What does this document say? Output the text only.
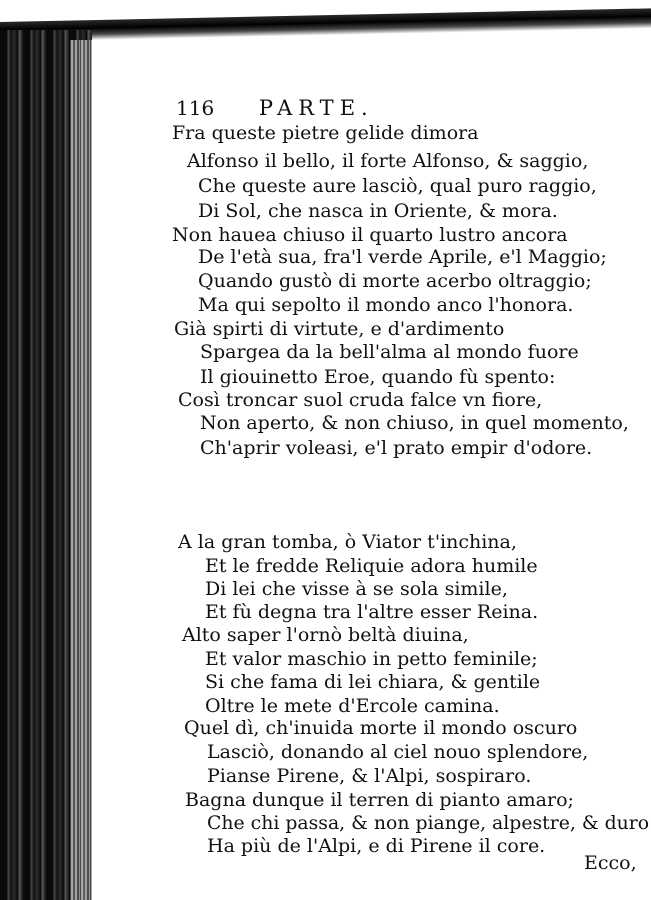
116 PARTE.
Fra queste pietre gelide dimora
Alfonso il bello, il forte Alfonso, & saggio,
Che queste aure lasciò, qual puro raggio,
Di Sol, che nasca in Oriente, & mora.
Non hauea chiuso il quarto lustro ancora
De l'età sua, fra'l verde Aprile, e'l Maggio;
Quando gustò di morte acerbo oltraggio;
Ma qui sepolto il mondo anco l'honora.
Già spirti di virtute, e d'ardimento
Spargea da la bell'alma al mondo fuore
Il giouinetto Eroe, quando fù spento:
Così troncar suol cruda falce vn fiore,
Non aperto, & non chiuso, in quel momento,
Ch'aprir voleasi, e'l prato empir d'odore.
A la gran tomba, ò Viator t'inchina,
Et le fredde Reliquie adora humile
Di lei che visse à se sola simile,
Et fù degna tra l'altre esser Reina.
Alto saper l'ornò beltà diuina,
Et valor maschio in petto feminile;
Si che fama di lei chiara, & gentile
Oltre le mete d'Ercole camina.
Quel dì, ch'inuida morte il mondo oscuro
Lasciò, donando al ciel nouo splendore,
Pianse Pirene, & l'Alpi, sospiraro.
Bagna dunque il terren di pianto amaro;
Che chi passa, & non piange, alpestre, & duro
Ha più de l'Alpi, e di Pirene il core.
Ecco,
